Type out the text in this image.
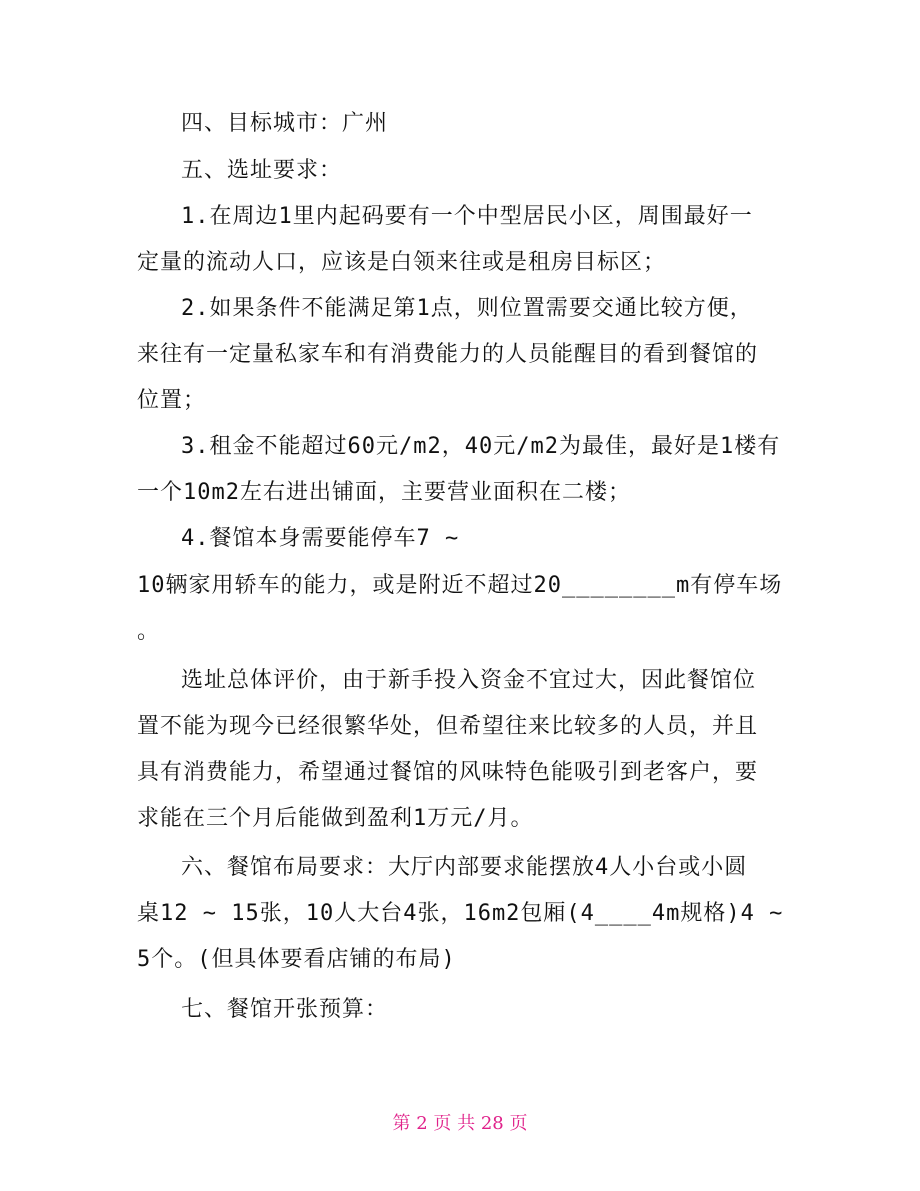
四、目标城市：广州
五、选址要求：
1.在周边1里内起码要有一个中型居民小区，周围最好一
定量的流动人口，应该是白领来往或是租房目标区；
2.如果条件不能满足第1点，则位置需要交通比较方便，
来往有一定量私家车和有消费能力的人员能醒目的看到餐馆的
位置；
3.租金不能超过60元/m2，40元/m2为最佳，最好是1楼有
一个10m2左右进出铺面，主要营业面积在二楼；
4.餐馆本身需要能停车7 ~
10辆家用轿车的能力，或是附近不超过20________m有停车场
。
选址总体评价，由于新手投入资金不宜过大，因此餐馆位
置不能为现今已经很繁华处，但希望往来比较多的人员，并且
具有消费能力，希望通过餐馆的风味特色能吸引到老客户，要
求能在三个月后能做到盈利1万元/月。
六、餐馆布局要求：大厅内部要求能摆放4人小台或小圆
桌12 ~ 15张，10人大台4张，16m2包厢(4____4m规格)4 ~
5个。(但具体要看店铺的布局)
七、餐馆开张预算：
第 2 页 共 28 页
